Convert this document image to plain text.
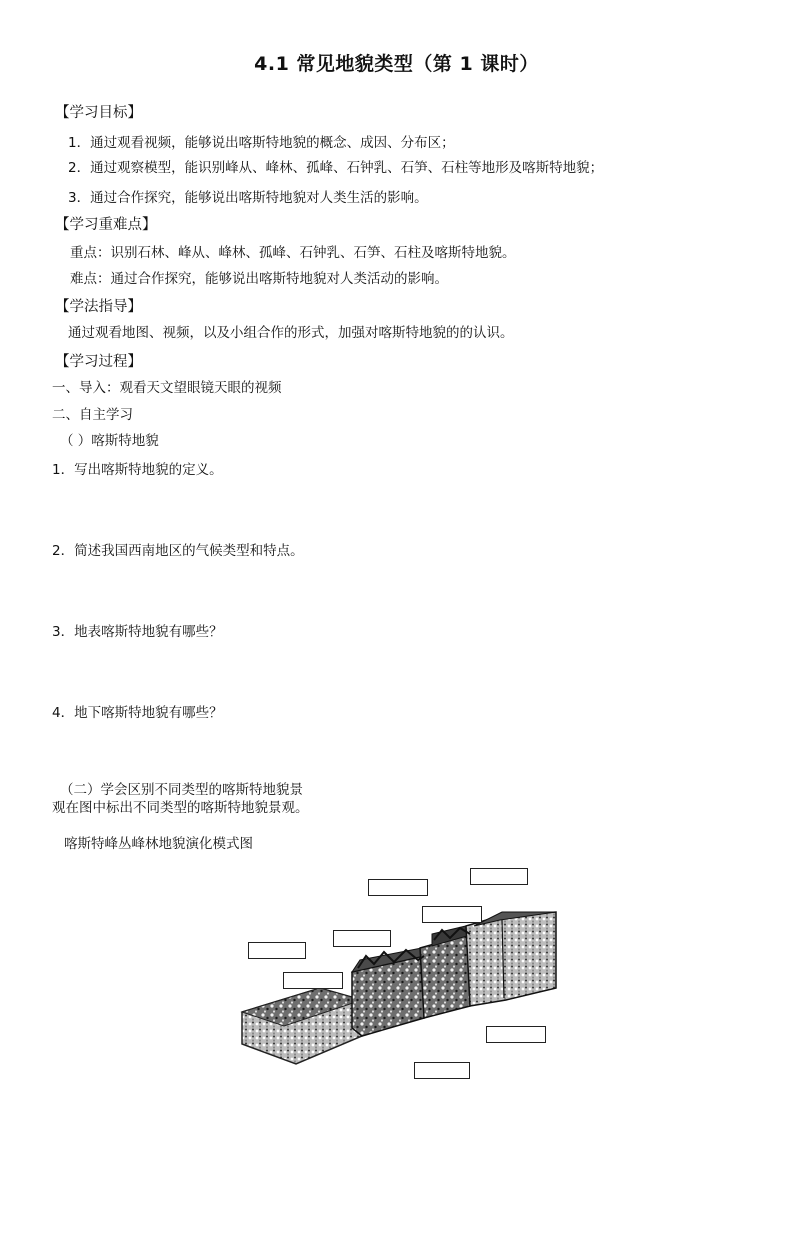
4.1 常见地貌类型（第 1 课时）
【学习目标】
1．通过观看视频，能够说出喀斯特地貌的概念、成因、分布区；
2．通过观察模型，能识别峰从、峰林、孤峰、石钟乳、石笋、石柱等地形及喀斯特地貌；
3．通过合作探究，能够说出喀斯特地貌对人类生活的影响。
【学习重难点】
重点：识别石林、峰从、峰林、孤峰、石钟乳、石笋、石柱及喀斯特地貌。
难点：通过合作探究，能够说出喀斯特地貌对人类活动的影响。
【学法指导】
通过观看地图、视频，以及小组合作的形式，加强对喀斯特地貌的的认识。
【学习过程】
一、导入：观看天文望眼镜天眼的视频
二、自主学习
（ ）喀斯特地貌
1．写出喀斯特地貌的定义。
2．简述我国西南地区的气候类型和特点。
3．地表喀斯特地貌有哪些？
4．地下喀斯特地貌有哪些？
（二）学会区别不同类型的喀斯特地貌景
观在图中标出不同类型的喀斯特地貌景观。
喀斯特峰丛峰林地貌演化模式图
